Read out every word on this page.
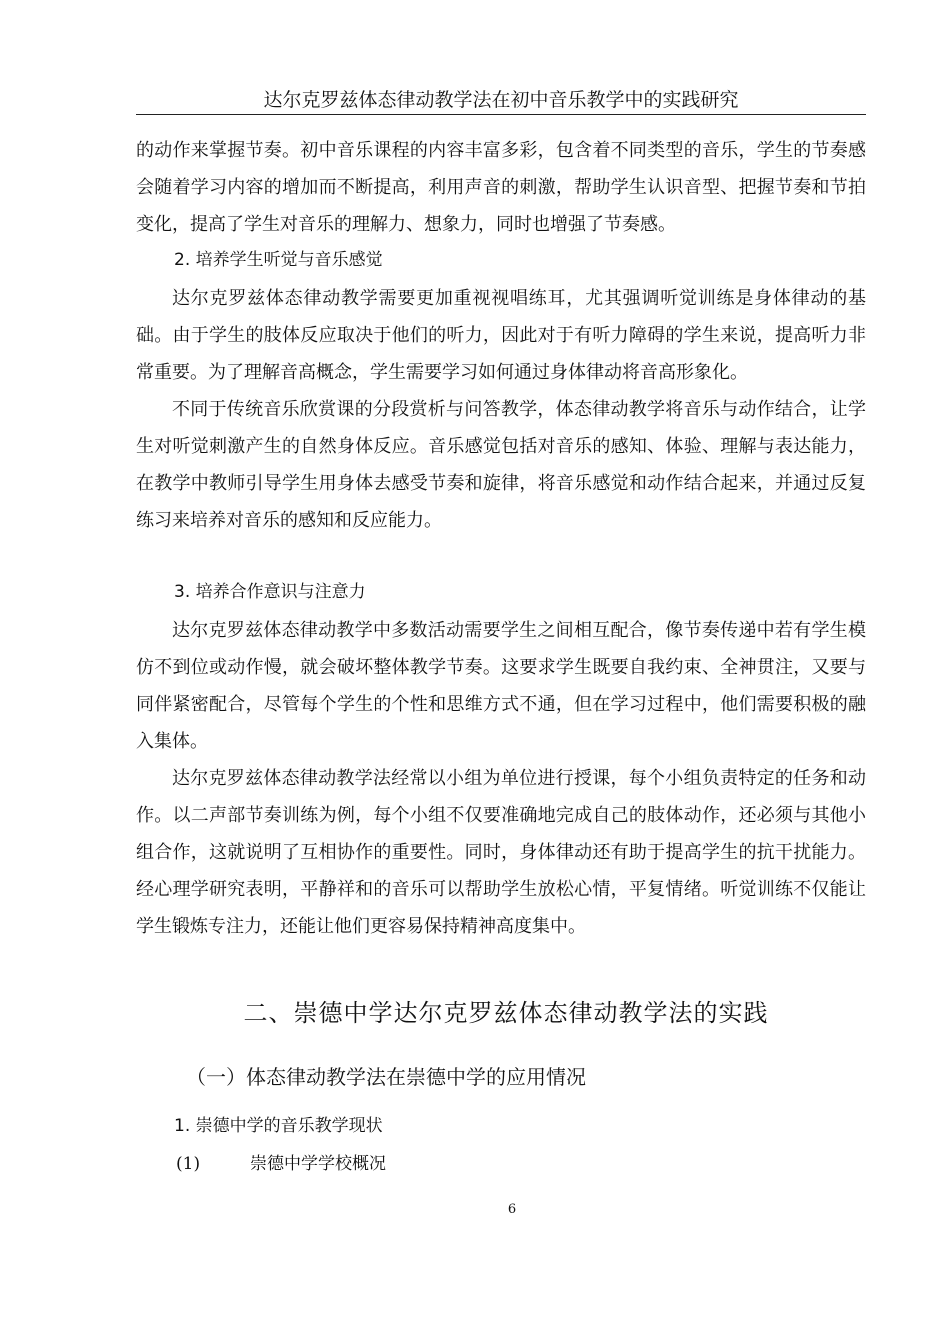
达尔克罗兹体态律动教学法在初中音乐教学中的实践研究

的动作来掌握节奏。初中音乐课程的内容丰富多彩，包含着不同类型的音乐，学生的节奏感会随着学习内容的增加而不断提高，利用声音的刺激，帮助学生认识音型、把握节奏和节拍变化，提高了学生对音乐的理解力、想象力，同时也增强了节奏感。

2. 培养学生听觉与音乐感觉

达尔克罗兹体态律动教学需要更加重视视唱练耳，尤其强调听觉训练是身体律动的基础。由于学生的肢体反应取决于他们的听力，因此对于有听力障碍的学生来说，提高听力非常重要。为了理解音高概念，学生需要学习如何通过身体律动将音高形象化。

不同于传统音乐欣赏课的分段赏析与问答教学，体态律动教学将音乐与动作结合，让学生对听觉刺激产生的自然身体反应。音乐感觉包括对音乐的感知、体验、理解与表达能力，在教学中教师引导学生用身体去感受节奏和旋律，将音乐感觉和动作结合起来，并通过反复练习来培养对音乐的感知和反应能力。

3. 培养合作意识与注意力

达尔克罗兹体态律动教学中多数活动需要学生之间相互配合，像节奏传递中若有学生模仿不到位或动作慢，就会破坏整体教学节奏。这要求学生既要自我约束、全神贯注，又要与同伴紧密配合，尽管每个学生的个性和思维方式不通，但在学习过程中，他们需要积极的融入集体。

达尔克罗兹体态律动教学法经常以小组为单位进行授课，每个小组负责特定的任务和动作。以二声部节奏训练为例，每个小组不仅要准确地完成自己的肢体动作，还必须与其他小组合作，这就说明了互相协作的重要性。同时，身体律动还有助于提高学生的抗干扰能力。经心理学研究表明，平静祥和的音乐可以帮助学生放松心情，平复情绪。听觉训练不仅能让学生锻炼专注力，还能让他们更容易保持精神高度集中。

二、崇德中学达尔克罗兹体态律动教学法的实践
（一）体态律动教学法在崇德中学的应用情况
1. 崇德中学的音乐教学现状
(1)	崇德中学学校概况
6
